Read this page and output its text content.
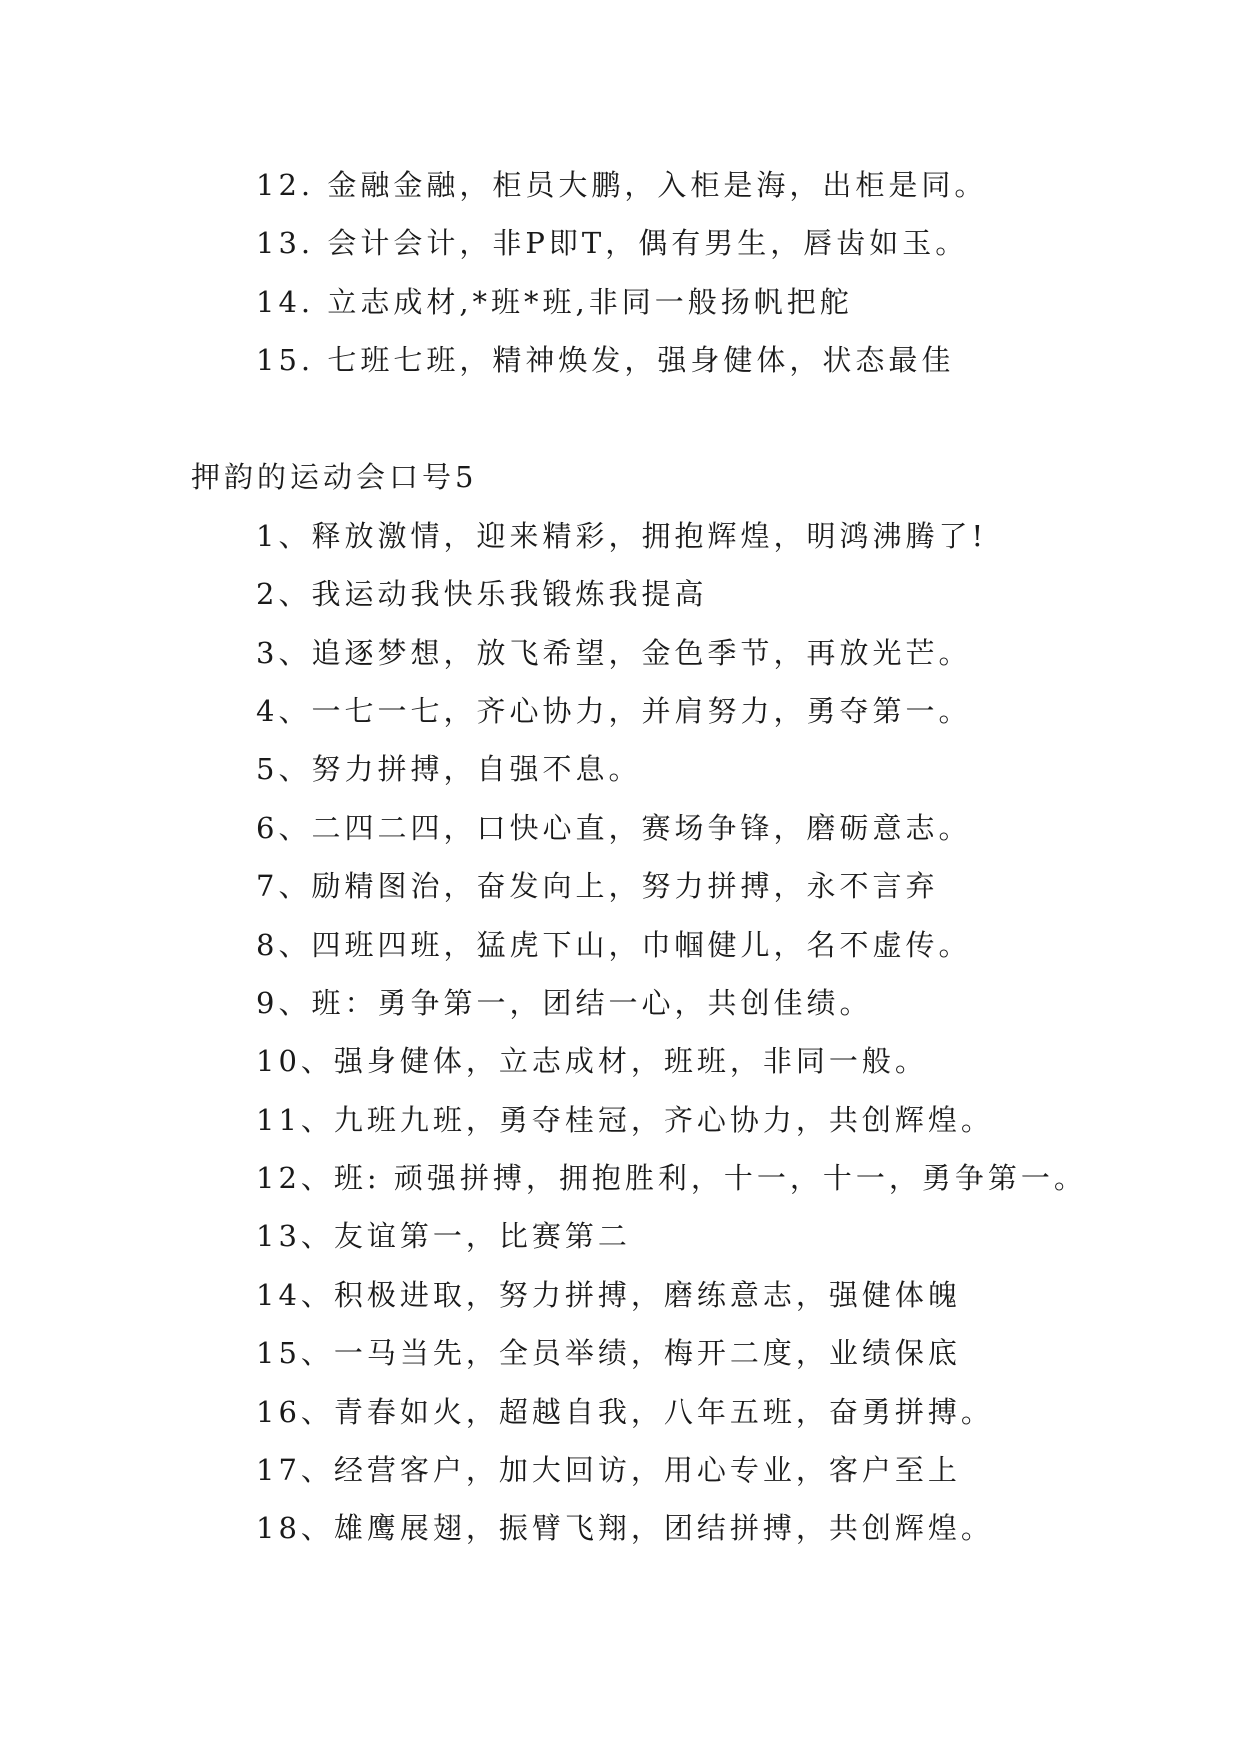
12. 金融金融，柜员大鹏，入柜是海，出柜是同。
13. 会计会计，非P即T，偶有男生，唇齿如玉。
14. 立志成材,*班*班,非同一般扬帆把舵
15. 七班七班，精神焕发，强身健体，状态最佳
押韵的运动会口号5
1、释放激情，迎来精彩，拥抱辉煌，明鸿沸腾了!
2、我运动我快乐我锻炼我提高
3、追逐梦想，放飞希望，金色季节，再放光芒。
4、一七一七，齐心协力，并肩努力，勇夺第一。
5、努力拼搏，自强不息。
6、二四二四，口快心直，赛场争锋，磨砺意志。
7、励精图治，奋发向上，努力拼搏，永不言弃
8、四班四班，猛虎下山，巾帼健儿，名不虚传。
9、班：勇争第一，团结一心，共创佳绩。
10、强身健体，立志成材，班班，非同一般。
11、九班九班，勇夺桂冠，齐心协力，共创辉煌。
12、班: 顽强拼搏，拥抱胜利，十一，十一，勇争第一。
13、友谊第一，比赛第二
14、积极进取，努力拼搏，磨练意志，强健体魄
15、一马当先，全员举绩，梅开二度，业绩保底
16、青春如火，超越自我，八年五班，奋勇拼搏。
17、经营客户，加大回访，用心专业，客户至上
18、雄鹰展翅，振臂飞翔，团结拼搏，共创辉煌。
